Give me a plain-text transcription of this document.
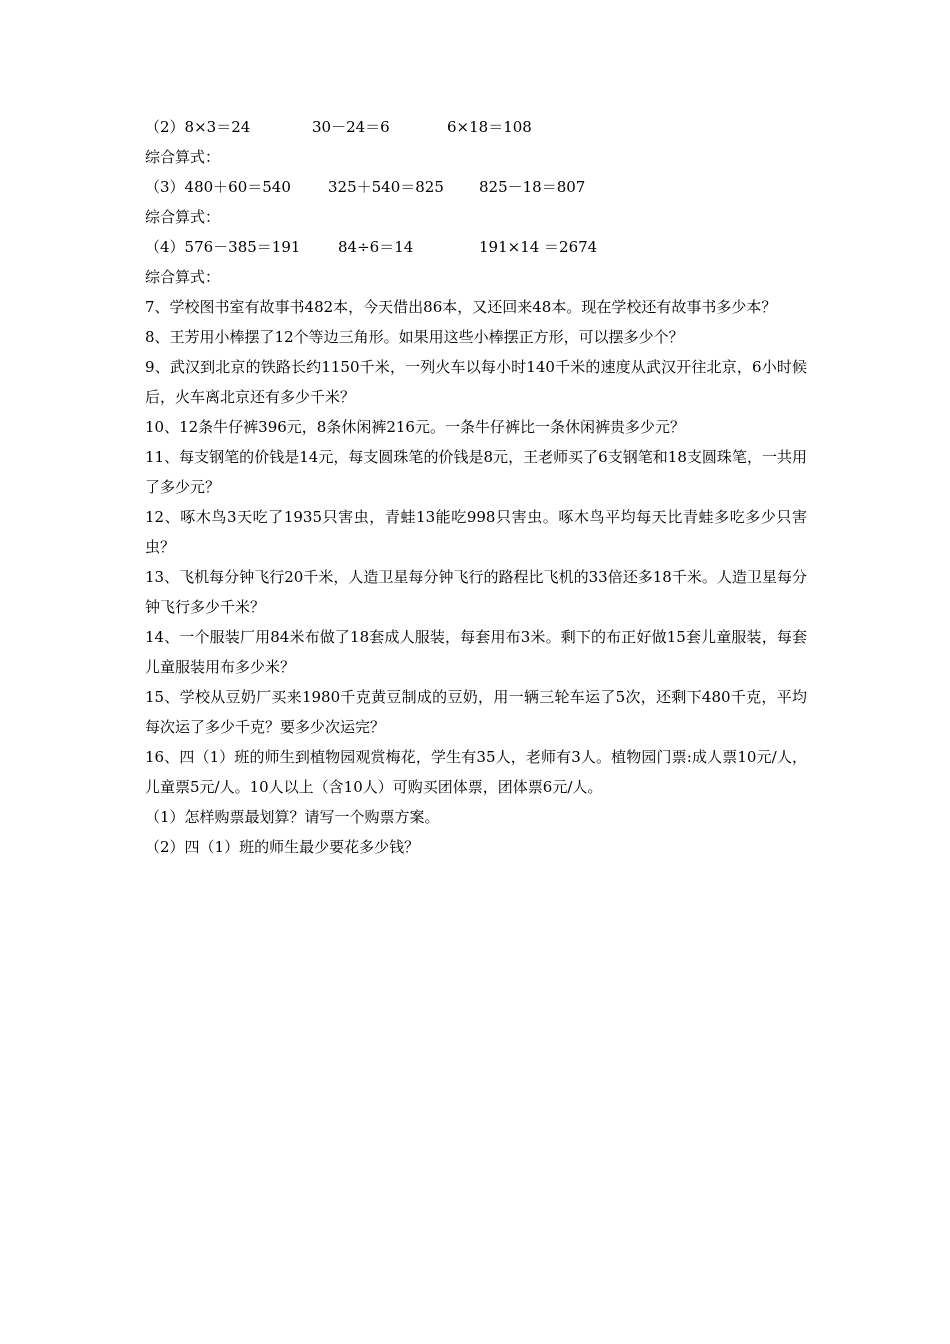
（2）8×3＝24	30－24＝6	6×18＝108
综合算式：
（3）480＋60＝540 325＋540＝825 825－18＝807
综合算式：
（4）576－385＝191	84÷6＝14	191×14 ＝2674
综合算式：
7、学校图书室有故事书482本，今天借出86本，又还回来48本。现在学校还有故事书多少本？
8、王芳用小棒摆了12个等边三角形。如果用这些小棒摆正方形，可以摆多少个？
9、武汉到北京的铁路长约1150千米，一列火车以每小时140千米的速度从武汉开往北京，6小时候后，火车离北京还有多少千米？
10、12条牛仔裤396元，8条休闲裤216元。一条牛仔裤比一条休闲裤贵多少元？
11、每支钢笔的价钱是14元，每支圆珠笔的价钱是8元，王老师买了6支钢笔和18支圆珠笔，一共用了多少元？
12、啄木鸟3天吃了1935只害虫，青蛙13能吃998只害虫。啄木鸟平均每天比青蛙多吃多少只害虫？
13、飞机每分钟飞行20千米，人造卫星每分钟飞行的路程比飞机的33倍还多18千米。人造卫星每分钟飞行多少千米？
14、一个服装厂用84米布做了18套成人服装，每套用布3米。剩下的布正好做15套儿童服装，每套儿童服装用布多少米？
15、学校从豆奶厂买来1980千克黄豆制成的豆奶，用一辆三轮车运了5次，还剩下480千克，平均每次运了多少千克？要多少次运完？
16、四（1）班的师生到植物园观赏梅花，学生有35人，老师有3人。植物园门票:成人票10元/人，儿童票5元/人。10人以上（含10人）可购买团体票，团体票6元/人。
（1）怎样购票最划算？请写一个购票方案。
（2）四（1）班的师生最少要花多少钱？
